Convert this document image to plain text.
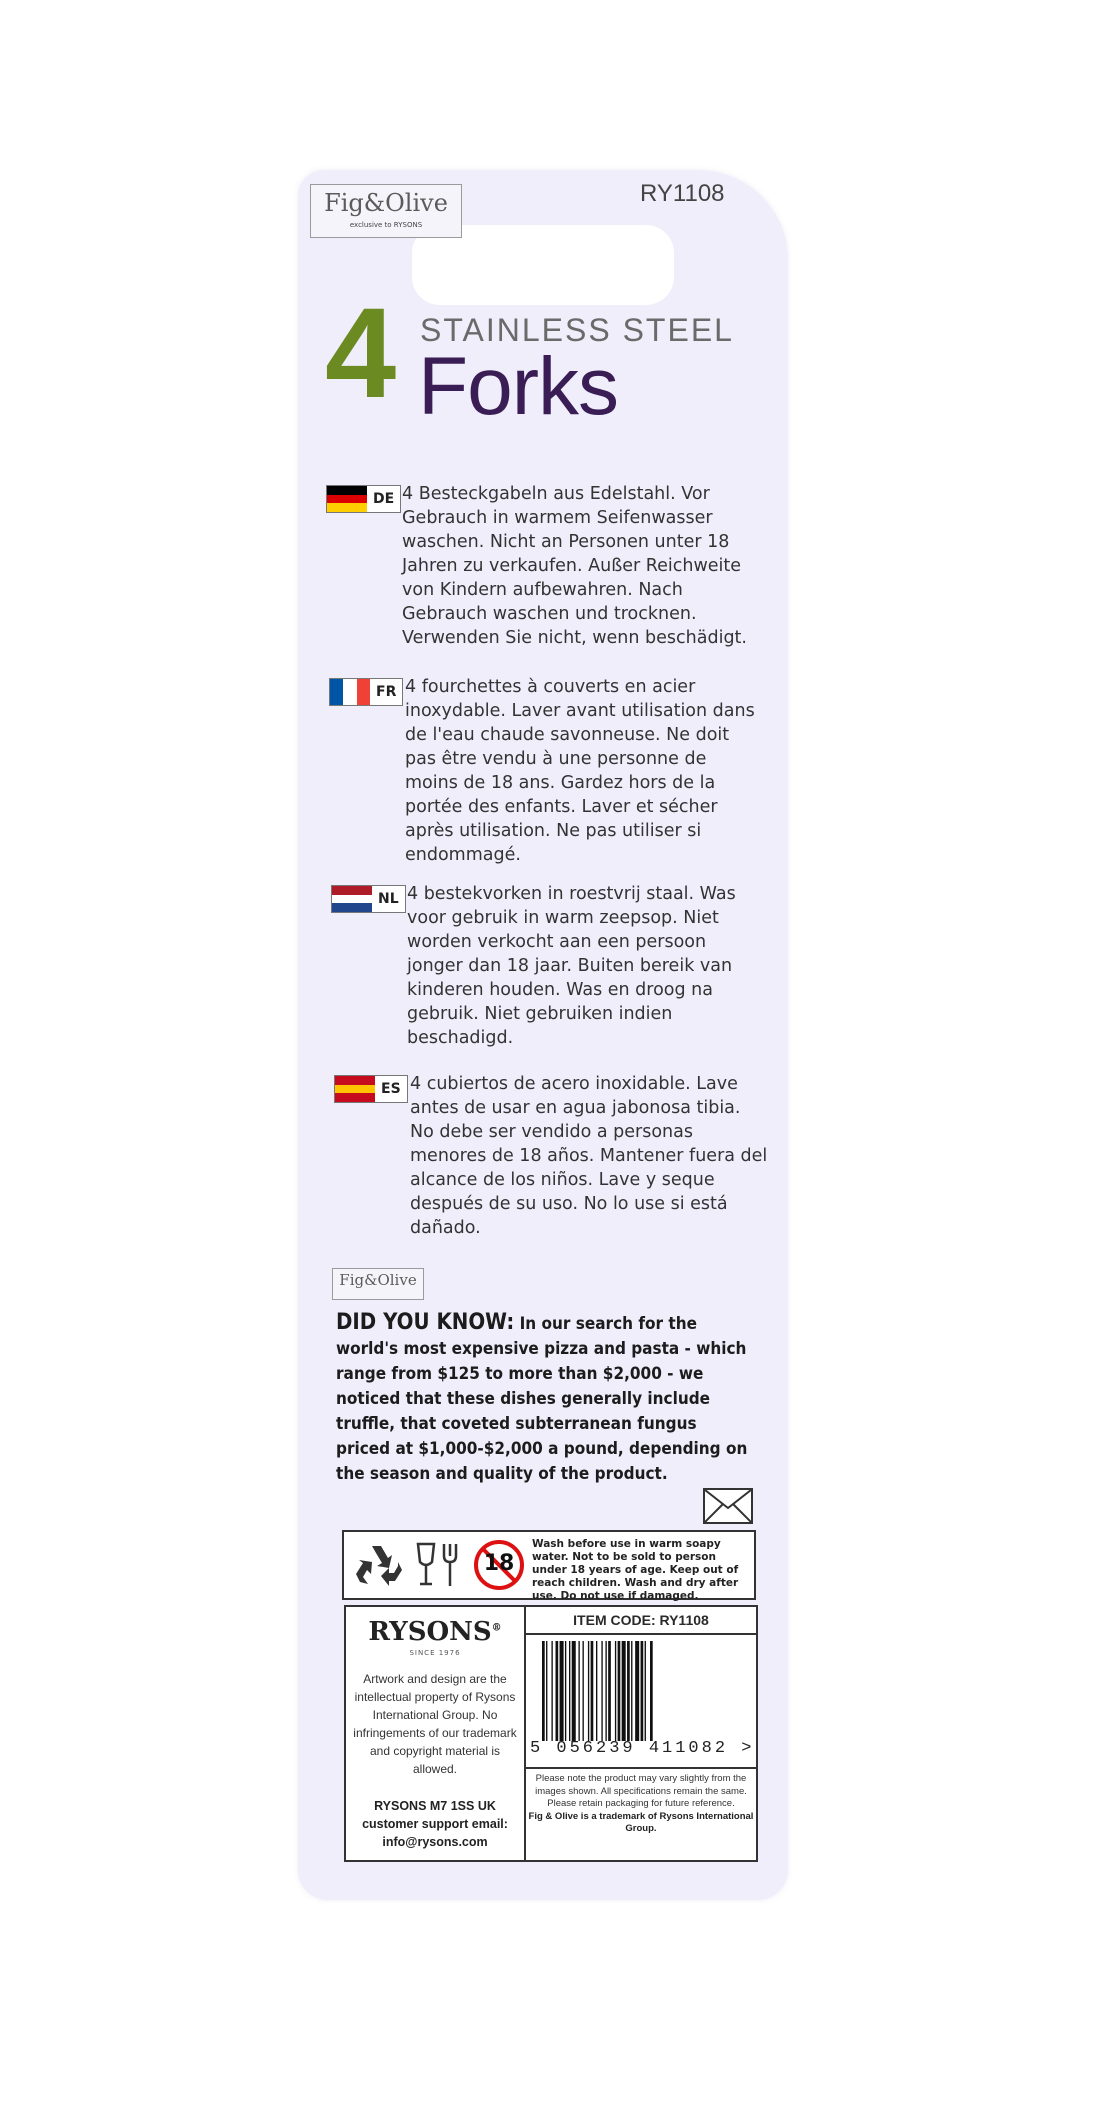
Fig&Olive
exclusive to RYSONS
RY1108
4 STAINLESS STEEL
Forks
DE 4 Besteckgabeln aus Edelstahl. Vor
Gebrauch in warmem Seifenwasser
waschen. Nicht an Personen unter 18
Jahren zu verkaufen. Außer Reichweite
von Kindern aufbewahren. Nach
Gebrauch waschen und trocknen.
Verwenden Sie nicht, wenn beschädigt.
FR 4 fourchettes à couverts en acier
inoxydable. Laver avant utilisation dans
de l'eau chaude savonneuse. Ne doit
pas être vendu à une personne de
moins de 18 ans. Gardez hors de la
portée des enfants. Laver et sécher
après utilisation. Ne pas utiliser si
endommagé.
NL 4 bestekvorken in roestvrij staal. Was
voor gebruik in warm zeepsop. Niet
worden verkocht aan een persoon
jonger dan 18 jaar. Buiten bereik van
kinderen houden. Was en droog na
gebruik. Niet gebruiken indien
beschadigd.
ES 4 cubiertos de acero inoxidable. Lave
antes de usar en agua jabonosa tibia.
No debe ser vendido a personas
menores de 18 años. Mantener fuera del
alcance de los niños. Lave y seque
después de su uso. No lo use si está
dañado.
Fig&Olive
DID YOU KNOW: In our search for the world's most expensive pizza and pasta - which range from $125 to more than $2,000 - we noticed that these dishes generally include truffle, that coveted subterranean fungus priced at $1,000-$2,000 a pound, depending on the season and quality of the product.
18
Wash before use in warm soapy water. Not to be sold to person under 18 years of age. Keep out of reach children. Wash and dry after use. Do not use if damaged.
RYSONS®
SINCE 1976
Artwork and design are the intellectual property of Rysons International Group. No infringements of our trademark and copyright material is allowed.
RYSONS M7 1SS UK customer support email: info@rysons.com
ITEM CODE: RY1108
5 056239 411082 >
Please note the product may vary slightly from the images shown. All specifications remain the same. Please retain packaging for future reference.
Fig & Olive is a trademark of Rysons International Group.
